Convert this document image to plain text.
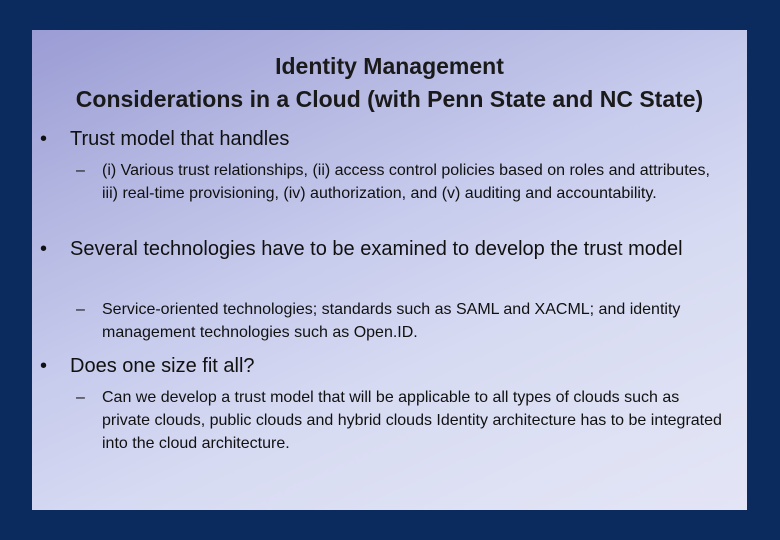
Identity Management
Considerations in a Cloud (with Penn State and NC State)
• Trust model that handles
– (i) Various trust relationships, (ii) access control policies based on roles and attributes, iii) real-time provisioning, (iv) authorization, and (v) auditing and accountability.
• Several technologies have to be examined to develop the trust model
– Service-oriented technologies; standards such as SAML and XACML; and identity management technologies such as Open.ID.
• Does one size fit all?
– Can we develop a trust model that will be applicable to all types of clouds such as private clouds, public clouds and hybrid clouds Identity architecture has to be integrated into the cloud architecture.
